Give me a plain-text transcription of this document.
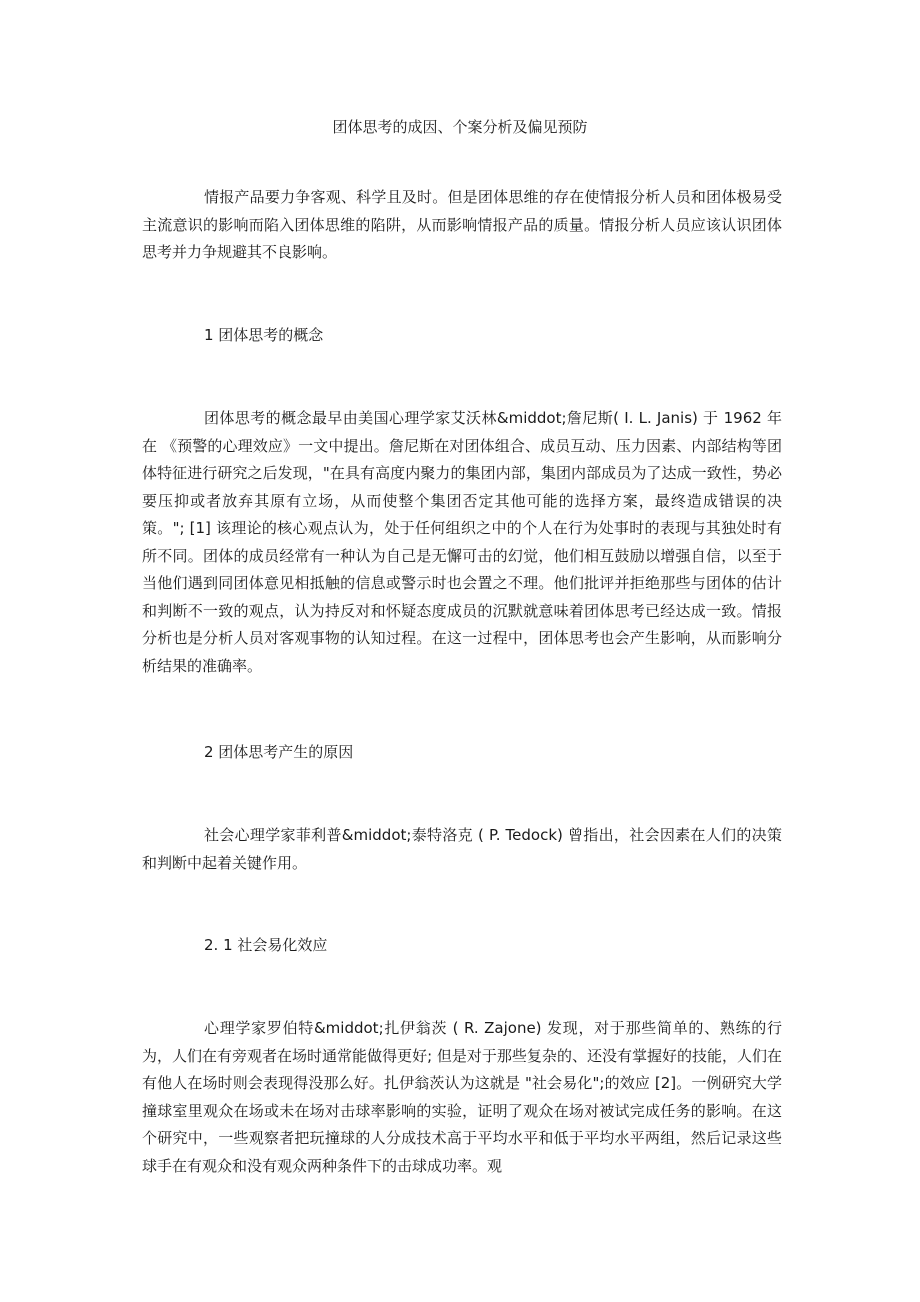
团体思考的成因、个案分析及偏见预防

情报产品要力争客观、科学且及时。但是团体思维的存在使情报分析人员和团体极易受主流意识的影响而陷入团体思维的陷阱，从而影响情报产品的质量。情报分析人员应该认识团体思考并力争规避其不良影响。

1 团体思考的概念

团体思考的概念最早由美国心理学家艾沃林&middot;詹尼斯( I. L. Janis) 于 1962 年在 《预警的心理效应》一文中提出。詹尼斯在对团体组合、成员互动、压力因素、内部结构等团体特征进行研究之后发现，"在具有高度内聚力的集团内部，集团内部成员为了达成一致性，势必要压抑或者放弃其原有立场，从而使整个集团否定其他可能的选择方案，最终造成错误的决策。"; [1] 该理论的核心观点认为，处于任何组织之中的个人在行为处事时的表现与其独处时有所不同。团体的成员经常有一种认为自己是无懈可击的幻觉，他们相互鼓励以增强自信，以至于当他们遇到同团体意见相抵触的信息或警示时也会置之不理。他们批评并拒绝那些与团体的估计和判断不一致的观点，认为持反对和怀疑态度成员的沉默就意味着团体思考已经达成一致。情报分析也是分析人员对客观事物的认知过程。在这一过程中，团体思考也会产生影响，从而影响分析结果的准确率。

2 团体思考产生的原因

社会心理学家菲利普&middot;泰特洛克 ( P. Tedock) 曾指出，社会因素在人们的决策和判断中起着关键作用。

2. 1 社会易化效应

心理学家罗伯特&middot;扎伊翁茨 ( R. Zajone) 发现，对于那些简单的、熟练的行为，人们在有旁观者在场时通常能做得更好; 但是对于那些复杂的、还没有掌握好的技能，人们在有他人在场时则会表现得没那么好。扎伊翁茨认为这就是 "社会易化";的效应 [2]。一例研究大学撞球室里观众在场或未在场对击球率影响的实验，证明了观众在场对被试完成任务的影响。在这个研究中，一些观察者把玩撞球的人分成技术高于平均水平和低于平均水平两组，然后记录这些球手在有观众和没有观众两种条件下的击球成功率。观
